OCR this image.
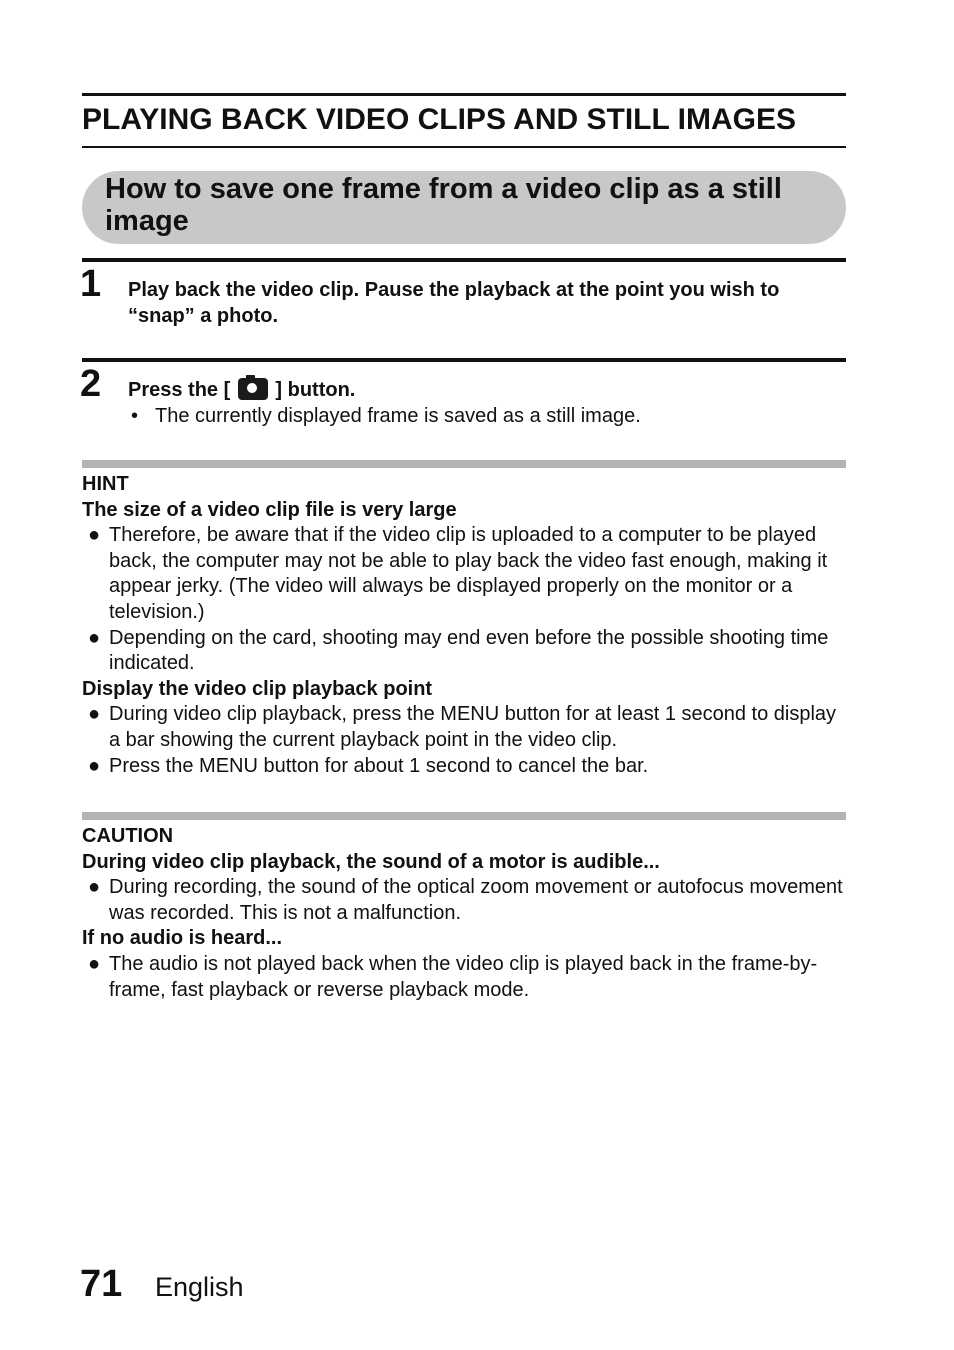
PLAYING BACK VIDEO CLIPS AND STILL IMAGES
How to save one frame from a video clip as a still image
1 Play back the video clip. Pause the playback at the point you wish to “snap” a photo.
2 Press the [ ] button.
• The currently displayed frame is saved as a still image.
HINT
The size of a video clip file is very large
● Therefore, be aware that if the video clip is uploaded to a computer to be played back, the computer may not be able to play back the video fast enough, making it appear jerky. (The video will always be displayed properly on the monitor or a television.)
● Depending on the card, shooting may end even before the possible shooting time indicated.
Display the video clip playback point
● During video clip playback, press the MENU button for at least 1 second to display a bar showing the current playback point in the video clip.
● Press the MENU button for about 1 second to cancel the bar.
CAUTION
During video clip playback, the sound of a motor is audible...
● During recording, the sound of the optical zoom movement or autofocus movement was recorded. This is not a malfunction.
If no audio is heard...
● The audio is not played back when the video clip is played back in the frame-by-frame, fast playback or reverse playback mode.
71 English
